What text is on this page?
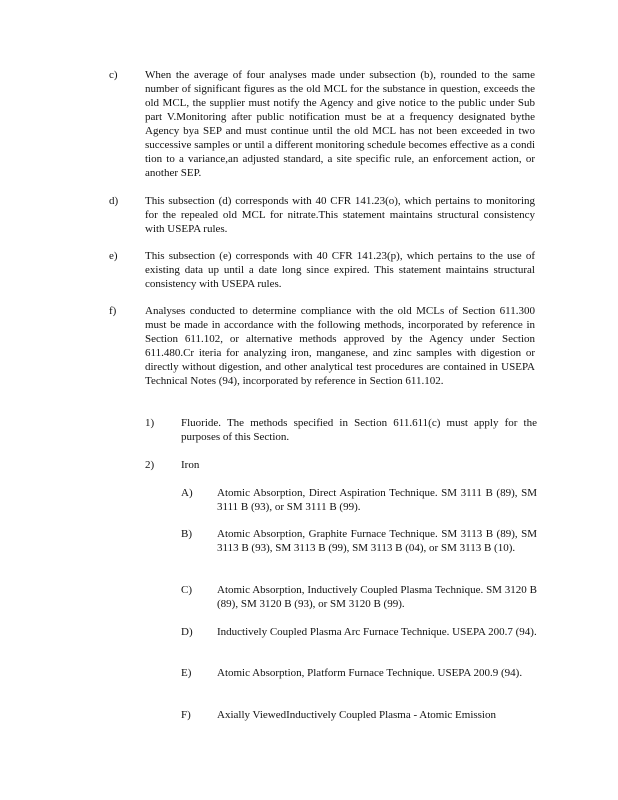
c) When the average of four analyses made under subsection (b), rounded to the same number of significant figures as the old MCL for the substance in question, exceeds the old MCL, the supplier must notify the Agency and give notice to the public under Sub part V.Monitoring after public notification must be at a frequency designated bythe Agency bya SEP and must continue until the old MCL has not been exceeded in two successive samples or until a different monitoring schedule becomes effective as a condi tion to a variance,an adjusted standard, a site specific rule, an enforcement action, or another SEP.
d) This subsection (d) corresponds with 40 CFR 141.23(o), which pertains to monitoring for the repealed old MCL for nitrate.This statement maintains structural consistency with USEPA rules.
e) This subsection (e) corresponds with 40 CFR 141.23(p), which pertains to the use of existing data up until a date long since expired. This statement maintains structural consistency with USEPA rules.
f)	Analyses conducted to determine compliance with the old MCLs of Section 611.300 must be made in accordance with the following methods, incorporated by reference in Section 611.102, or alternative methods approved by the Agency under Section 611.480.Cr iteria for analyzing iron, manganese, and zinc samples with digestion or directly without digestion, and other analytical test procedures are contained in USEPA Technical Notes (94), incorporated by reference in Section 611.102.
1) Fluoride. The methods specified in Section 611.611(c) must apply for the purposes of this Section.
2) Iron
A) Atomic Absorption, Direct Aspiration Technique. SM 3111 B (89), SM 3111 B (93), or SM 3111 B (99).
B) Atomic Absorption, Graphite Furnace Technique. SM 3113 B (89), SM 3113 B (93), SM 3113 B (99), SM 3113 B (04), or SM 3113 B (10).
C) Atomic Absorption, Inductively Coupled Plasma Technique. SM 3120 B (89), SM 3120 B (93), or SM 3120 B (99).
D) Inductively Coupled Plasma Arc Furnace Technique. USEPA 200.7 (94).
E) Atomic Absorption, Platform Furnace Technique. USEPA 200.9 (94).
F) Axially ViewedInductively Coupled Plasma - Atomic Emission
